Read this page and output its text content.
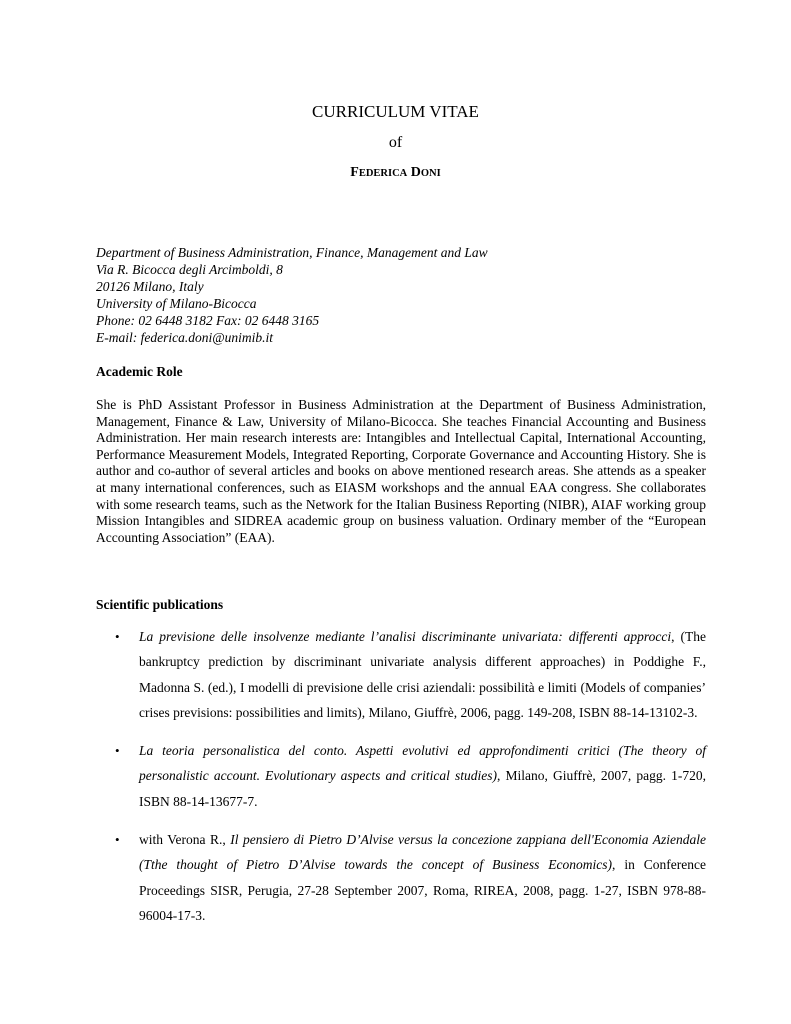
CURRICULUM VITAE
of
FEDERICA DONI
Department of Business Administration, Finance, Management and Law
Via R. Bicocca degli Arcimboldi, 8
20126 Milano, Italy
University of Milano-Bicocca
Phone: 02 6448 3182 Fax: 02 6448 3165
E-mail: federica.doni@unimib.it
Academic Role
She is PhD Assistant Professor in Business Administration at the Department of Business Administration, Management, Finance & Law, University of Milano-Bicocca. She teaches Financial Accounting and Business Administration. Her main research interests are: Intangibles and Intellectual Capital, International Accounting, Performance Measurement Models, Integrated Reporting, Corporate Governance and Accounting History. She is author and co-author of several articles and books on above mentioned research areas. She attends as a speaker at many international conferences, such as EIASM workshops and the annual EAA congress. She collaborates with some research teams, such as the Network for the Italian Business Reporting (NIBR), AIAF working group Mission Intangibles and SIDREA academic group on business valuation. Ordinary member of the “European Accounting Association” (EAA).
Scientific publications
• La previsione delle insolvenze mediante l’analisi discriminante univariata: differenti approcci, (The bankruptcy prediction by discriminant univariate analysis different approaches) in Poddighe F., Madonna S. (ed.), I modelli di previsione delle crisi aziendali: possibilità e limiti (Models of companies’ crises previsions: possibilities and limits), Milano, Giuffrè, 2006, pagg. 149-208, ISBN 88-14-13102-3.
• La teoria personalistica del conto. Aspetti evolutivi ed approfondimenti critici (The theory of personalistic account. Evolutionary aspects and critical studies), Milano, Giuffrè, 2007, pagg. 1-720, ISBN 88-14-13677-7.
• with Verona R., Il pensiero di Pietro D’Alvise versus la concezione zappiana dell'Economia Aziendale (Tthe thought of Pietro D’Alvise towards the concept of Business Economics), in Conference Proceedings SISR, Perugia, 27-28 September 2007, Roma, RIREA, 2008, pagg. 1-27, ISBN 978-88-96004-17-3.
